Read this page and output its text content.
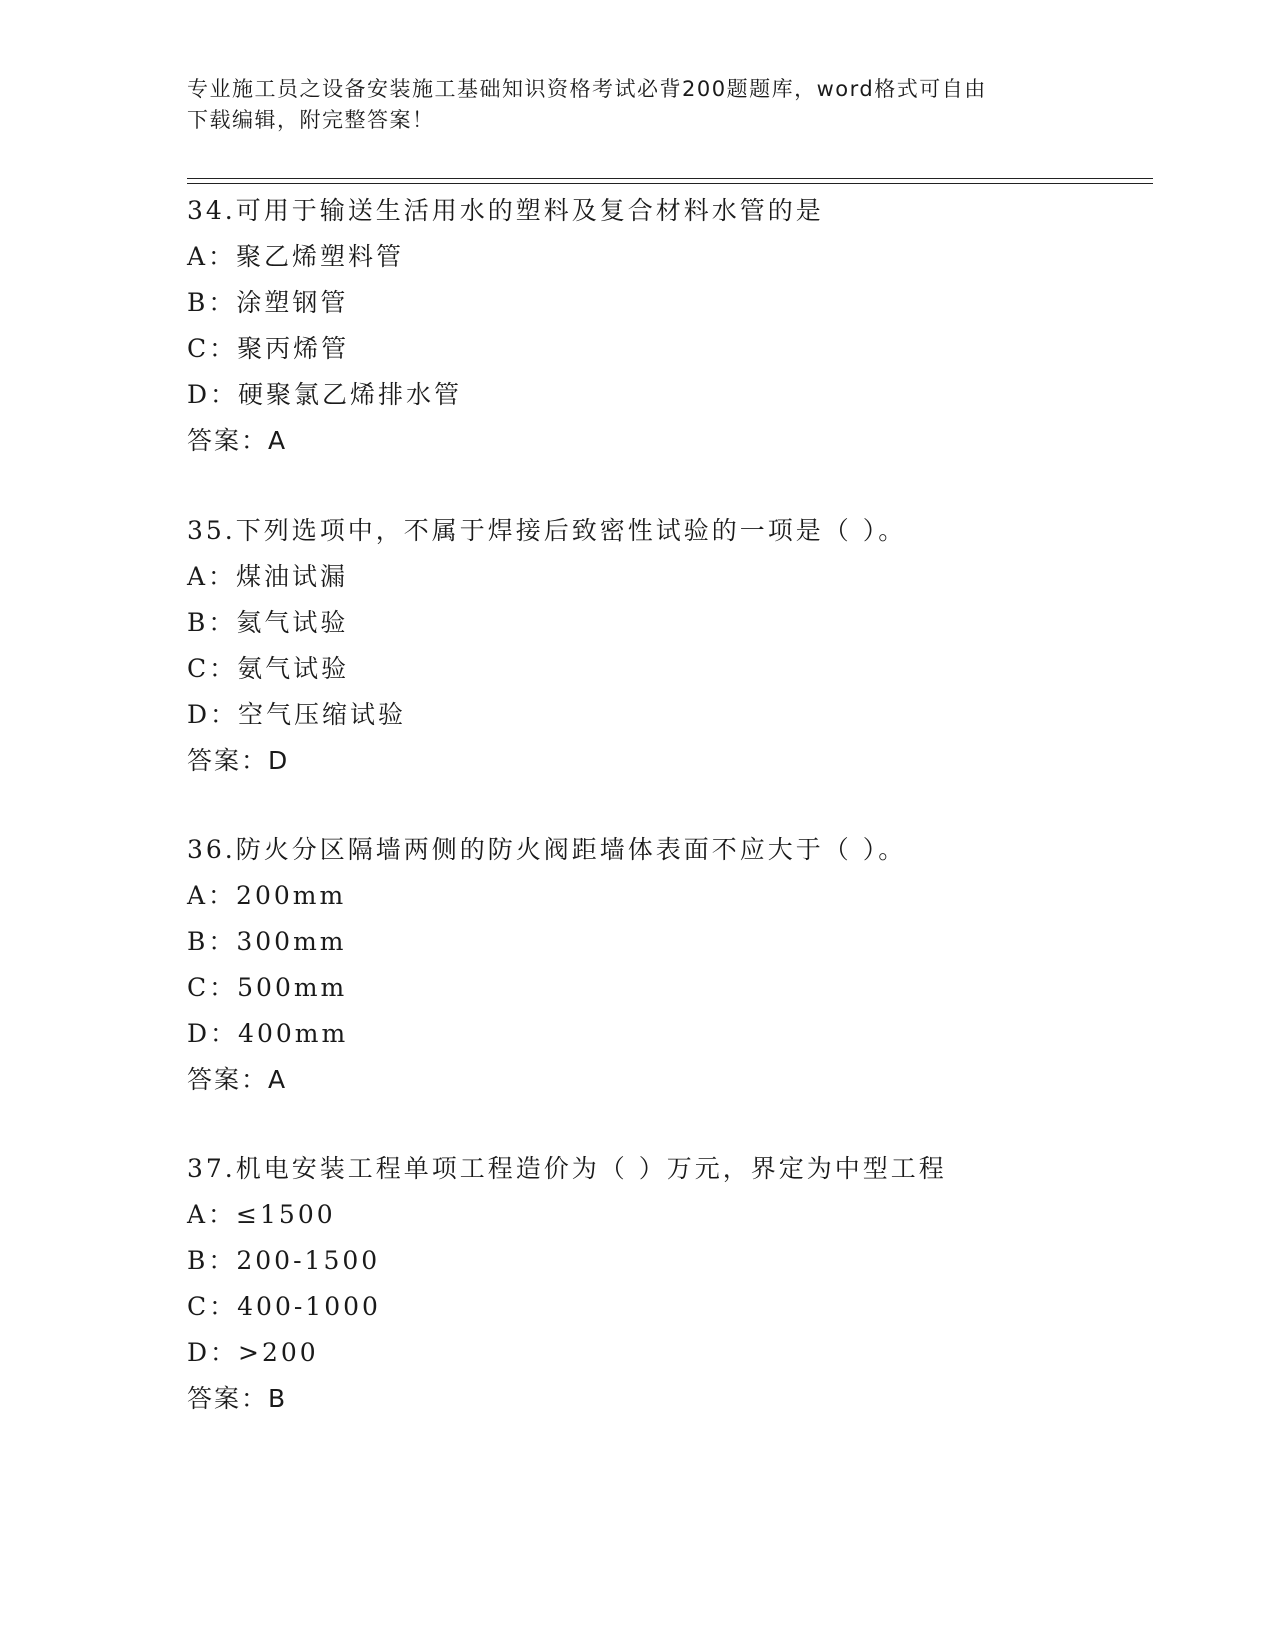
专业施工员之设备安装施工基础知识资格考试必背200题题库，word格式可自由
下载编辑，附完整答案！
34.可用于输送生活用水的塑料及复合材料水管的是
A：聚乙烯塑料管
B：涂塑钢管
C：聚丙烯管
D：硬聚氯乙烯排水管
答案：A
35.下列选项中，不属于焊接后致密性试验的一项是（ ）。
A：煤油试漏
B：氦气试验
C：氨气试验
D：空气压缩试验
答案：D
36.防火分区隔墙两侧的防火阀距墙体表面不应大于（ ）。
A：200mm
B：300mm
C：500mm
D：400mm
答案：A
37.机电安装工程单项工程造价为（ ）万元，界定为中型工程
A：≤1500
B：200-1500
C：400-1000
D：>200
答案：B
